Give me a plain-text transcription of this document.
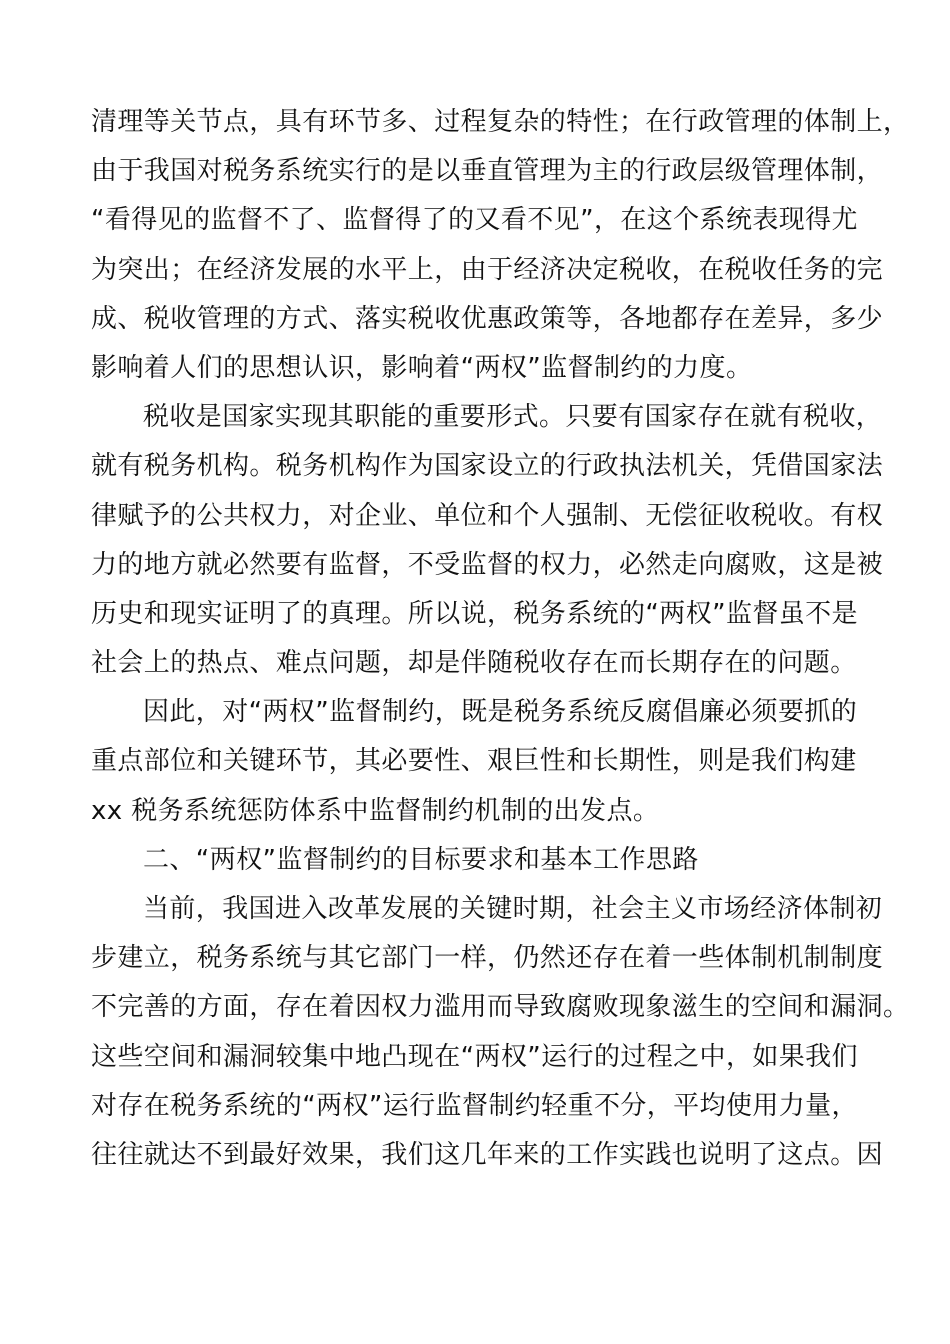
清理等关节点，具有环节多、过程复杂的特性；在行政管理的体制上，
由于我国对税务系统实行的是以垂直管理为主的行政层级管理体制，
“看得见的监督不了、监督得了的又看不见”，在这个系统表现得尤
为突出；在经济发展的水平上，由于经济决定税收，在税收任务的完
成、税收管理的方式、落实税收优惠政策等，各地都存在差异，多少
影响着人们的思想认识，影响着“两权”监督制约的力度。
税收是国家实现其职能的重要形式。只要有国家存在就有税收，
就有税务机构。税务机构作为国家设立的行政执法机关，凭借国家法
律赋予的公共权力，对企业、单位和个人强制、无偿征收税收。有权
力的地方就必然要有监督，不受监督的权力，必然走向腐败，这是被
历史和现实证明了的真理。所以说，税务系统的“两权”监督虽不是
社会上的热点、难点问题，却是伴随税收存在而长期存在的问题。
因此，对“两权”监督制约，既是税务系统反腐倡廉必须要抓的
重点部位和关键环节，其必要性、艰巨性和长期性，则是我们构建
xx 税务系统惩防体系中监督制约机制的出发点。
二、“两权”监督制约的目标要求和基本工作思路
当前，我国进入改革发展的关键时期，社会主义市场经济体制初
步建立，税务系统与其它部门一样，仍然还存在着一些体制机制制度
不完善的方面，存在着因权力滥用而导致腐败现象滋生的空间和漏洞。
这些空间和漏洞较集中地凸现在“两权”运行的过程之中，如果我们
对存在税务系统的“两权”运行监督制约轻重不分，平均使用力量，
往往就达不到最好效果，我们这几年来的工作实践也说明了这点。因
